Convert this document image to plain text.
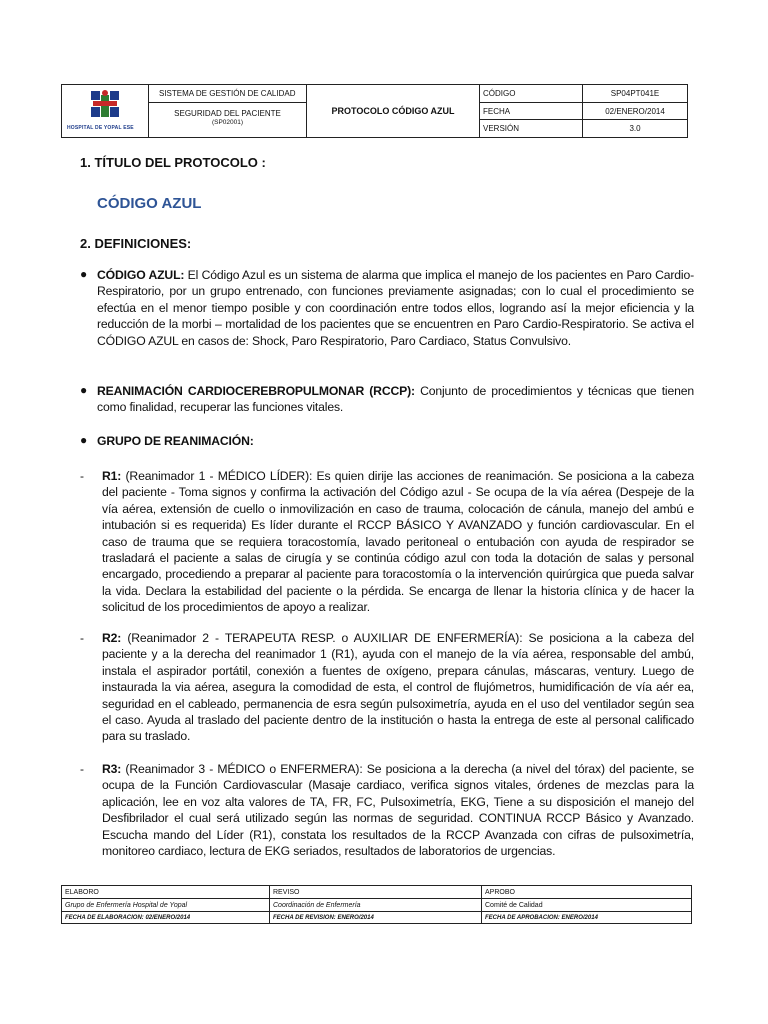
HOSPITAL DE YOPAL ESE
SISTEMA DE GESTIÓN DE CALIDAD
SEGURIDAD DEL PACIENTE
(SP02001)
PROTOCOLO CÓDIGO AZUL
CÓDIGO	SP04PT041E
FECHA	02/ENERO/2014
VERSIÓN	3.0
1. TÍTULO DEL PROTOCOLO :
CÓDIGO AZUL
2. DEFINICIONES:
● CÓDIGO AZUL: El Código Azul es un sistema de alarma que implica el manejo de los pacientes en Paro Cardio-Respiratorio, por un grupo entrenado, con funciones previamente asignadas; con lo cual el procedimiento se efectúa en el menor tiempo posible y con coordinación entre todos ellos, logrando así la mejor eficiencia y la reducción de la morbi – mortalidad de los pacientes que se encuentren en Paro Cardio-Respiratorio. Se activa el CÓDIGO AZUL en casos de: Shock, Paro Respiratorio, Paro Cardiaco, Status Convulsivo.
● REANIMACIÓN CARDIOCEREBROPULMONAR (RCCP): Conjunto de procedimientos y técnicas que tienen como finalidad, recuperar las funciones vitales.
● GRUPO DE REANIMACIÓN:
- R1: (Reanimador 1 - MÉDICO LÍDER): Es quien dirije las acciones de reanimación. Se posiciona a la cabeza del paciente - Toma signos y confirma la activación del Código azul - Se ocupa de la vía aérea (Despeje de la vía aérea, extensión de cuello o inmovilización en caso de trauma, colocación de cánula, manejo del ambú e intubación si es requerida) Es líder durante el RCCP BÁSICO Y AVANZADO y función cardiovascular. En el caso de trauma que se requiera toracostomía, lavado peritoneal o entubación con ayuda de respirador se trasladará el paciente a salas de cirugía y se continúa código azul con toda la dotación de salas y personal encargado, procediendo a preparar al paciente para toracostomía o la intervención quirúrgica que pueda salvar la vida. Declara la estabilidad del paciente o la pérdida. Se encarga de llenar la historia clínica y de hacer la solicitud de los procedimientos de apoyo a realizar.
- R2: (Reanimador 2 - TERAPEUTA RESP. o AUXILIAR DE ENFERMERÍA): Se posiciona a la cabeza del paciente y a la derecha del reanimador 1 (R1), ayuda con el manejo de la vía aérea, responsable del ambú, instala el aspirador portátil, conexión a fuentes de oxígeno, prepara cánulas, máscaras, ventury. Luego de instaurada la via aérea, asegura la comodidad de esta, el control de flujómetros, humidificación de vía aér ea, seguridad en el cableado, permanencia de esra según pulsoximetría, ayuda en el uso del ventilador según sea el caso. Ayuda al traslado del paciente dentro de la institución o hasta la entrega de este al personal calificado para su traslado.
- R3: (Reanimador 3 - MÉDICO o ENFERMERA): Se posiciona a la derecha (a nivel del tórax) del paciente, se ocupa de la Función Cardiovascular (Masaje cardiaco, verifica signos vitales, órdenes de mezclas para la aplicación, lee en voz alta valores de TA, FR, FC, Pulsoximetría, EKG, Tiene a su disposición el manejo del Desfibrilador el cual será utilizado según las normas de seguridad. CONTINUA RCCP Básico y Avanzado. Escucha mando del Líder (R1), constata los resultados de la RCCP Avanzada con cifras de pulsoximetría, monitoreo cardiaco, lectura de EKG seriados, resultados de laboratorios de urgencias.
ELABORO	REVISO	APROBO
Grupo de Enfermería Hospital de Yopal	Coordinación de Enfermería	Comité de Calidad
FECHA DE ELABORACION: 02/ENERO/2014	FECHA DE REVISION: ENERO/2014	FECHA DE APROBACION: ENERO/2014
